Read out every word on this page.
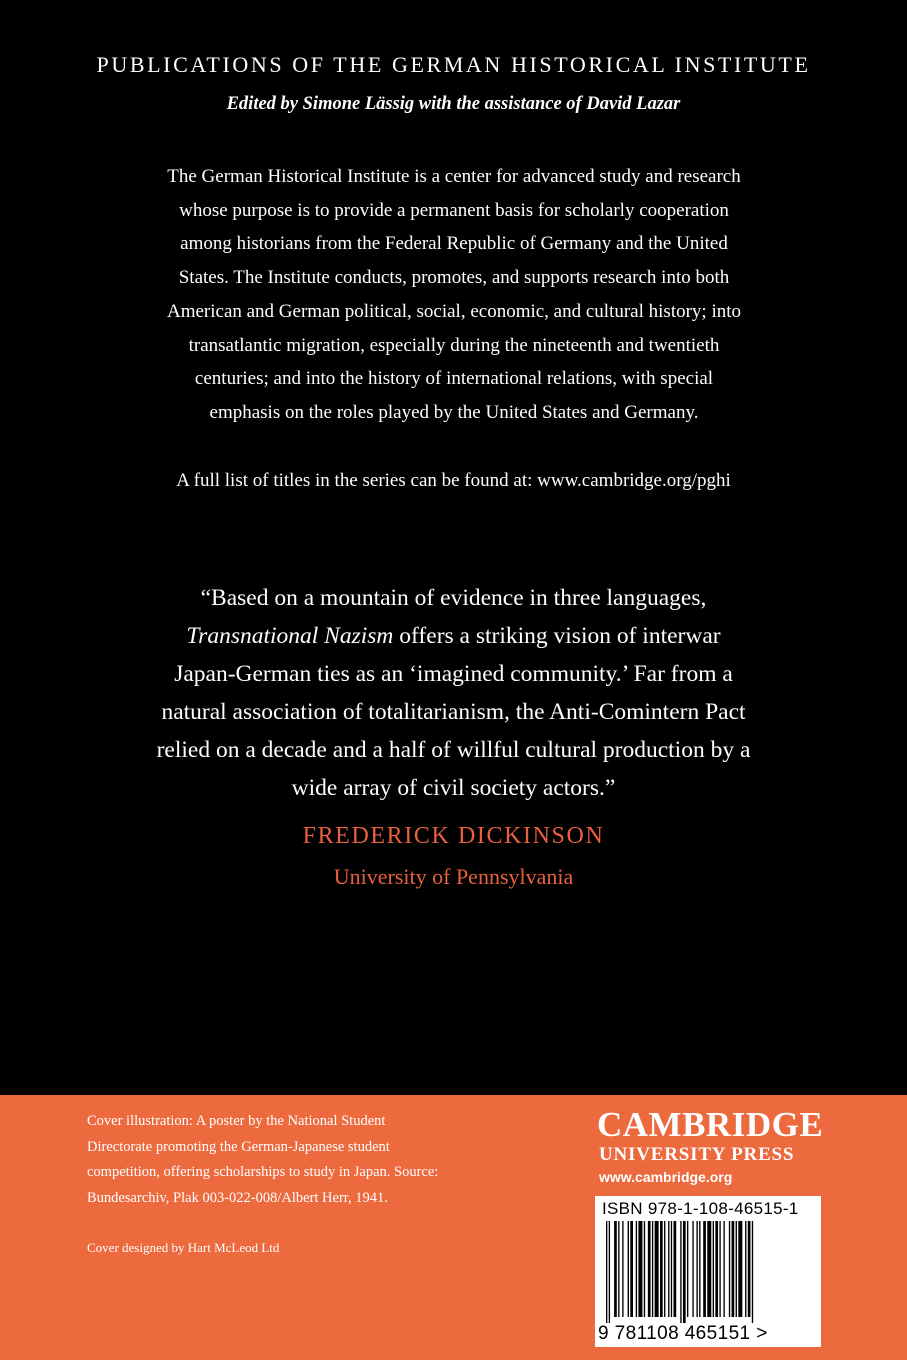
PUBLICATIONS OF THE GERMAN HISTORICAL INSTITUTE
Edited by Simone Lässig with the assistance of David Lazar

The German Historical Institute is a center for advanced study and research
whose purpose is to provide a permanent basis for scholarly cooperation
among historians from the Federal Republic of Germany and the United
States. The Institute conducts, promotes, and supports research into both
American and German political, social, economic, and cultural history; into
transatlantic migration, especially during the nineteenth and twentieth
centuries; and into the history of international relations, with special
emphasis on the roles played by the United States and Germany.

A full list of titles in the series can be found at: www.cambridge.org/pghi

“Based on a mountain of evidence in three languages,
Transnational Nazism offers a striking vision of interwar
Japan-German ties as an ‘imagined community.’ Far from a
natural association of totalitarianism, the Anti-Comintern Pact
relied on a decade and a half of willful cultural production by a
wide array of civil society actors.”

FREDERICK DICKINSON
University of Pennsylvania

Cover illustration: A poster by the National Student
Directorate promoting the German-Japanese student
competition, offering scholarships to study in Japan. Source:
Bundesarchiv, Plak 003-022-008/Albert Herr, 1941.

Cover designed by Hart McLeod Ltd
CAMBRIDGE
UNIVERSITY PRESS
www.cambridge.org
ISBN 978-1-108-46515-1
9 781108 465151 >
